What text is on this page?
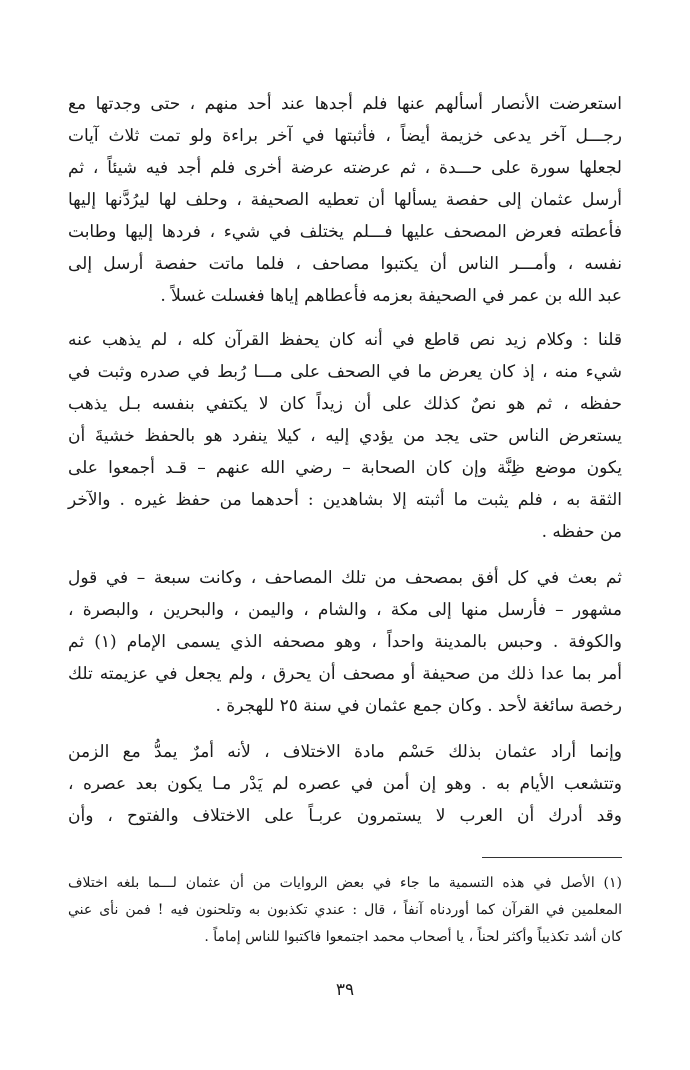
استعرضت الأنصار أسألهم عنها فلم أجدها عند أحد منهم ، حتى وجدتها مع

رجـــل آخر يدعى خزيمة أيضاً ، فأثبتها في آخر براءة ولو تمت ثلاث آيات

لجعلها سورة على حـــدة ، ثم عرضته عرضة أخرى فلم أجد فيه شيئاً ، ثم

أرسل عثمان إلى حفصة يسألها أن تعطيه الصحيفة ، وحلف لها ليرُدَّنها إليها

فأعطته فعرض المصحف عليها فـــلم يختلف في شيء ، فردها إليها وطابت

نفسه ، وأمـــر الناس أن يكتبوا مصاحف ، فلما ماتت حفصة أرسل إلى

عبد الله بن عمر في الصحيفة بعزمه فأعطاهم إياها فغسلت غسلاً .

قلنا : وكلام زيد نص قاطع في أنه كان يحفظ القرآن كله ، لم يذهب عنه

شيء منه ، إذ كان يعرض ما في الصحف على مـــا رُبط في صدره وثبت في

حفظه ، ثم هو نصٌ كذلك على أن زيداً كان لا يكتفي بنفسه بـل يذهب

يستعرض الناس حتى يجد من يؤدي إليه ، كيلا ينفرد هو بالحفظ خشيةَ أن

يكون موضع ظِنَّة وإن كان الصحابة – رضي الله عنهم – قـد أجمعوا على

الثقة به ، فلم يثبت ما أثبته إلا بشاهدين : أحدهما من حفظ غيره . والآخر

من حفظه .

ثم بعث في كل أفق بمصحف من تلك المصاحف ، وكانت سبعة – في قول

مشهور – فأرسل منها إلى مكة ، والشام ، واليمن ، والبحرين ، والبصرة ،

والكوفة . وحبس بالمدينة واحداً ، وهو مصحفه الذي يسمى الإمام (١) ثم

أمر بما عدا ذلك من صحيفة أو مصحف أن يحرق ، ولم يجعل في عزيمته تلك

رخصة سائغة لأحد . وكان جمع عثمان في سنة ٢٥ للهجرة .

وإنما أراد عثمان بذلك حَسْم مادة الاختلاف ، لأنه أمرٌ يمدُّ مع الزمن

وتتشعب الأيام به . وهو إن أمن في عصره لم يَدْر مـا يكون بعد عصره ،

وقد أدرك أن العرب لا يستمرون عربـاً على الاختلاف والفتوح ، وأن

(١) الأصل في هذه التسمية ما جاء في بعض الروايات من أن عثمان لـــما بلغه اختلاف

المعلمين في القرآن كما أوردناه آنفاً ، قال : عندي تكذبون به وتلحنون فيه ! فمن نأى عني

كان أشد تكذيباً وأكثر لحناً ، يا أصحاب محمد اجتمعوا فاكتبوا للناس إماماً .

٣٩
